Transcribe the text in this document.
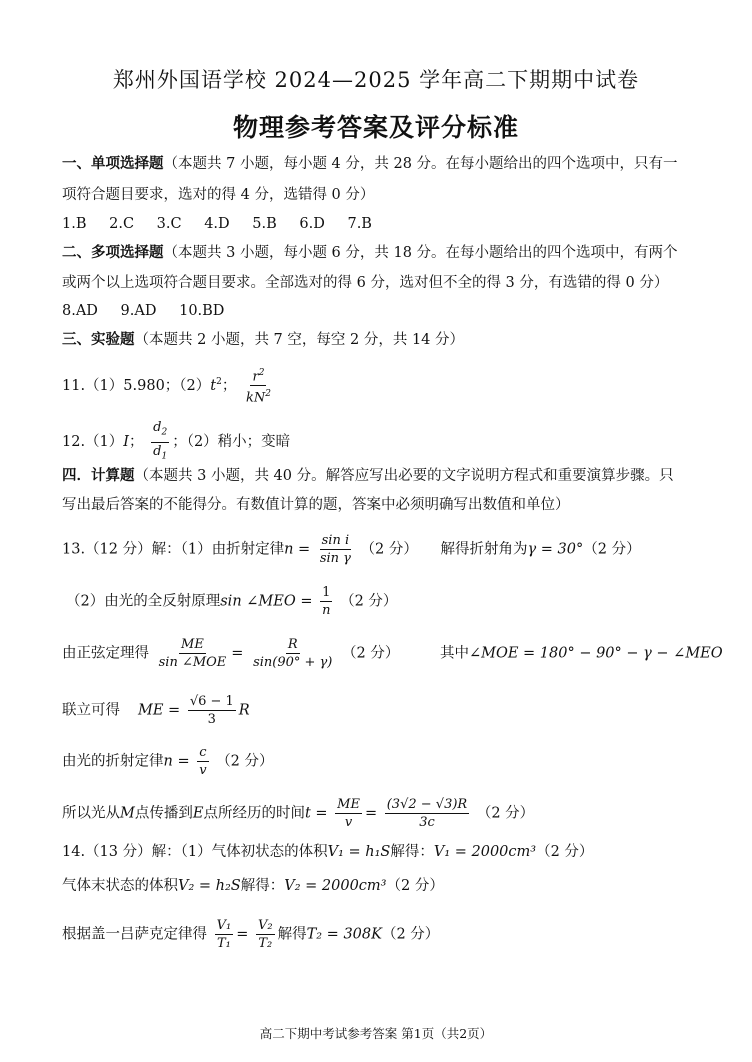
郑州外国语学校 2024—2025 学年高二下期期中试卷
物理参考答案及评分标准
一、单项选择题（本题共 7 小题，每小题 4 分，共 28 分。在每小题给出的四个选项中，只有一
项符合题目要求，选对的得 4 分，选错得 0 分）
1.B 2.C 3.C 4.D 5.B 6.D 7.B
二、多项选择题（本题共 3 小题，每小题 6 分，共 18 分。在每小题给出的四个选项中，有两个
或两个以上选项符合题目要求。全部选对的得 6 分，选对但不全的得 3 分，有选错的得 0 分）
8.AD 9.AD 10.BD
三、实验题（本题共 2 小题，共 7 空，每空 2 分，共 14 分）
11.（1）5.980；$(2)t^2$； $\frac{r^2}{kN^2}$
12.（1）I； $\frac{d_2}{d_1}$ ；（2）稍小；变暗
四．计算题（本题共 3 小题，共 40 分。解答应写出必要的文字说明方程式和重要演算步骤。只
写出最后答案的不能得分。有数值计算的题，答案中必须明确写出数值和单位）
13.（12 分）解：（1）由折射定律$n = \frac{\text{sin i}}{\text{sin γ}} (2$ 分） 解得折射角为γ = 30°（2 分）
（2）由光的全反射原理sin ∠MEO = $\frac{1}{n} (2$ 分）
由正弦定理得 $\frac{ME}{\text{sin ∠MOE}} = \frac{R}{\sin(90^\circ + \gamma)} (2$ 分）	其中∠MOE = 180° − 90° − γ − ∠MEO
联立可得 ME = $\frac{√6 - 1}{3}$ R
由光的折射定律$n = \frac{c}{v} (2$ 分）
所以光从M点传播到E点所经历的时间$t = \frac{ME}{v} = \frac{(3√2 - √3)R}{3c} (2$ 分）
14.（13 分）解：（1）气体初状态的体积V₁ = h₁S解得：V₁ = 2000cm³（2 分）
气体末状态的体积V₂ = h₂S解得：V₂ = 2000cm³（2 分）
根据盖一吕萨克定律得 $\frac{\text{V₁}}{\text{T₁}} = \frac{\text{V₂}}{\text{T₂}}$ 解得T₂ = 308K（2 分）
高二下期中考试参考答案 第1页（共2页）
